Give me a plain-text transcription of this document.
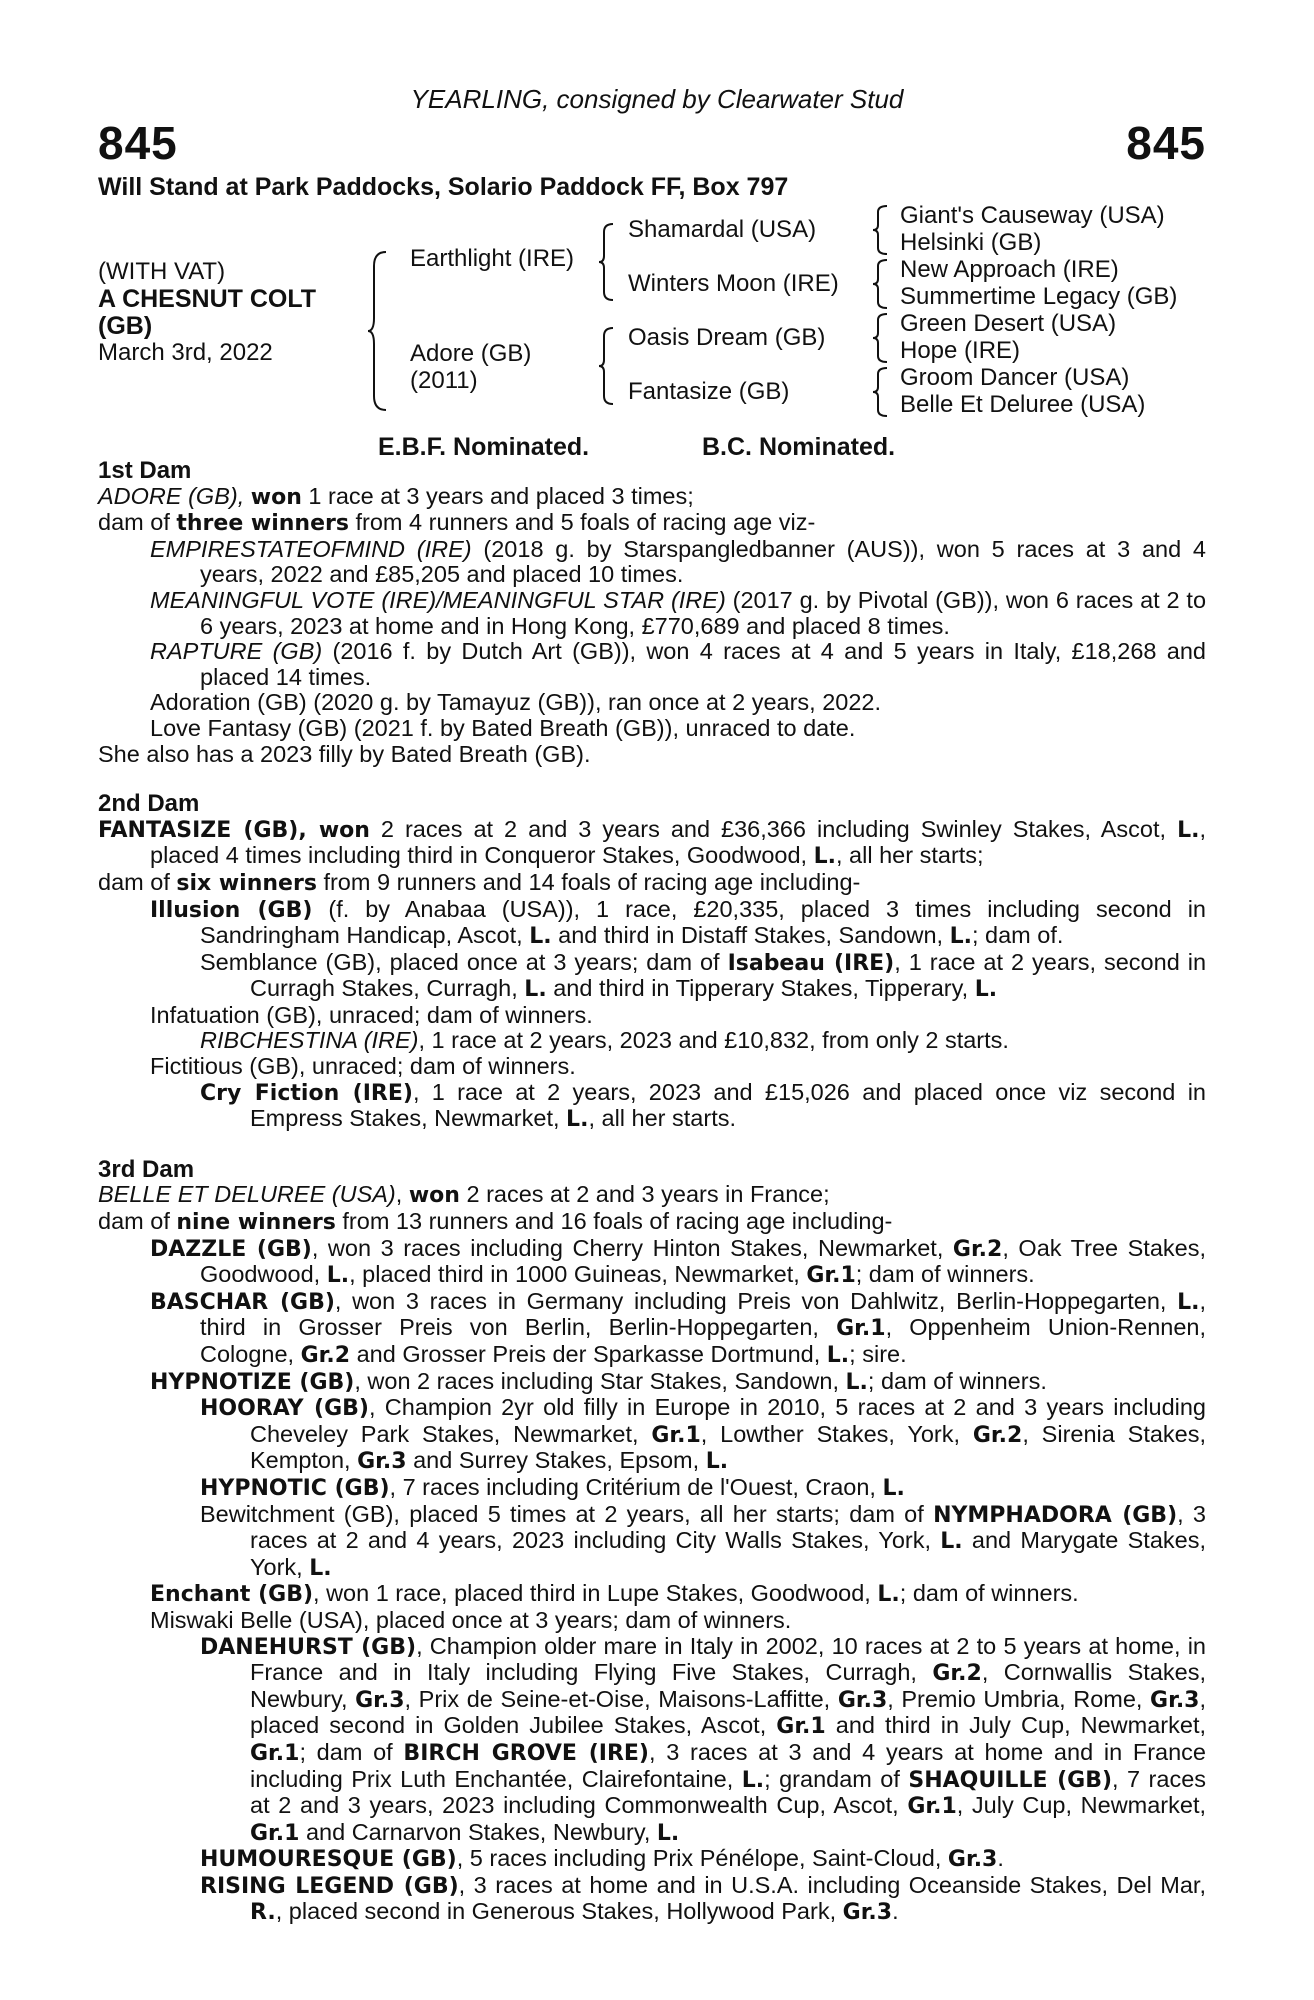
YEARLING, consigned by Clearwater Stud
845	845
Will Stand at Park Paddocks, Solario Paddock FF, Box 797
(WITH VAT)
A CHESNUT COLT
(GB)
March 3rd, 2022
Earthlight (IRE)
Adore (GB)
(2011)
Shamardal (USA)
Winters Moon (IRE)
Oasis Dream (GB)
Fantasize (GB)
Giant's Causeway (USA)
Helsinki (GB)
New Approach (IRE)
Summertime Legacy (GB)
Green Desert (USA)
Hope (IRE)
Groom Dancer (USA)
Belle Et Deluree (USA)
E.B.F. Nominated.	B.C. Nominated.

1st Dam

ADORE (GB), won 1 race at 3 years and placed 3 times;

dam of three winners from 4 runners and 5 foals of racing age viz-

EMPIRESTATEOFMIND (IRE) (2018 g. by Starspangledbanner (AUS)), won 5 races at 3 and 4 years, 2022 and £85,205 and placed 10 times.

MEANINGFUL VOTE (IRE)/MEANINGFUL STAR (IRE) (2017 g. by Pivotal (GB)), won 6 races at 2 to 6 years, 2023 at home and in Hong Kong, £770,689 and placed 8 times.

RAPTURE (GB) (2016 f. by Dutch Art (GB)), won 4 races at 4 and 5 years in Italy, £18,268 and placed 14 times.

Adoration (GB) (2020 g. by Tamayuz (GB)), ran once at 2 years, 2022.

Love Fantasy (GB) (2021 f. by Bated Breath (GB)), unraced to date.

She also has a 2023 filly by Bated Breath (GB).

2nd Dam

FANTASIZE (GB), won 2 races at 2 and 3 years and £36,366 including Swinley Stakes, Ascot, L., placed 4 times including third in Conqueror Stakes, Goodwood, L., all her starts;

dam of six winners from 9 runners and 14 foals of racing age including-

Illusion (GB) (f. by Anabaa (USA)), 1 race, £20,335, placed 3 times including second in Sandringham Handicap, Ascot, L. and third in Distaff Stakes, Sandown, L.; dam of.

Semblance (GB), placed once at 3 years; dam of Isabeau (IRE), 1 race at 2 years, second in Curragh Stakes, Curragh, L. and third in Tipperary Stakes, Tipperary, L.

Infatuation (GB), unraced; dam of winners.

RIBCHESTINA (IRE), 1 race at 2 years, 2023 and £10,832, from only 2 starts.

Fictitious (GB), unraced; dam of winners.

Cry Fiction (IRE), 1 race at 2 years, 2023 and £15,026 and placed once viz second in Empress Stakes, Newmarket, L., all her starts.

3rd Dam

BELLE ET DELUREE (USA), won 2 races at 2 and 3 years in France;

dam of nine winners from 13 runners and 16 foals of racing age including-

DAZZLE (GB), won 3 races including Cherry Hinton Stakes, Newmarket, Gr.2, Oak Tree Stakes, Goodwood, L., placed third in 1000 Guineas, Newmarket, Gr.1; dam of winners.

BASCHAR (GB), won 3 races in Germany including Preis von Dahlwitz, Berlin-Hoppegarten, L., third in Grosser Preis von Berlin, Berlin-Hoppegarten, Gr.1, Oppenheim Union-Rennen, Cologne, Gr.2 and Grosser Preis der Sparkasse Dortmund, L.; sire.

HYPNOTIZE (GB), won 2 races including Star Stakes, Sandown, L.; dam of winners.

HOORAY (GB), Champion 2yr old filly in Europe in 2010, 5 races at 2 and 3 years including Cheveley Park Stakes, Newmarket, Gr.1, Lowther Stakes, York, Gr.2, Sirenia Stakes, Kempton, Gr.3 and Surrey Stakes, Epsom, L.

HYPNOTIC (GB), 7 races including Critérium de l'Ouest, Craon, L.

Bewitchment (GB), placed 5 times at 2 years, all her starts; dam of NYMPHADORA (GB), 3 races at 2 and 4 years, 2023 including City Walls Stakes, York, L. and Marygate Stakes, York, L.

Enchant (GB), won 1 race, placed third in Lupe Stakes, Goodwood, L.; dam of winners.

Miswaki Belle (USA), placed once at 3 years; dam of winners.

DANEHURST (GB), Champion older mare in Italy in 2002, 10 races at 2 to 5 years at home, in France and in Italy including Flying Five Stakes, Curragh, Gr.2, Cornwallis Stakes, Newbury, Gr.3, Prix de Seine-et-Oise, Maisons-Laffitte, Gr.3, Premio Umbria, Rome, Gr.3, placed second in Golden Jubilee Stakes, Ascot, Gr.1 and third in July Cup, Newmarket, Gr.1; dam of BIRCH GROVE (IRE), 3 races at 3 and 4 years at home and in France including Prix Luth Enchantée, Clairefontaine, L.; grandam of SHAQUILLE (GB), 7 races at 2 and 3 years, 2023 including Commonwealth Cup, Ascot, Gr.1, July Cup, Newmarket, Gr.1 and Carnarvon Stakes, Newbury, L.

HUMOURESQUE (GB), 5 races including Prix Pénélope, Saint-Cloud, Gr.3.

RISING LEGEND (GB), 3 races at home and in U.S.A. including Oceanside Stakes, Del Mar, R., placed second in Generous Stakes, Hollywood Park, Gr.3.
